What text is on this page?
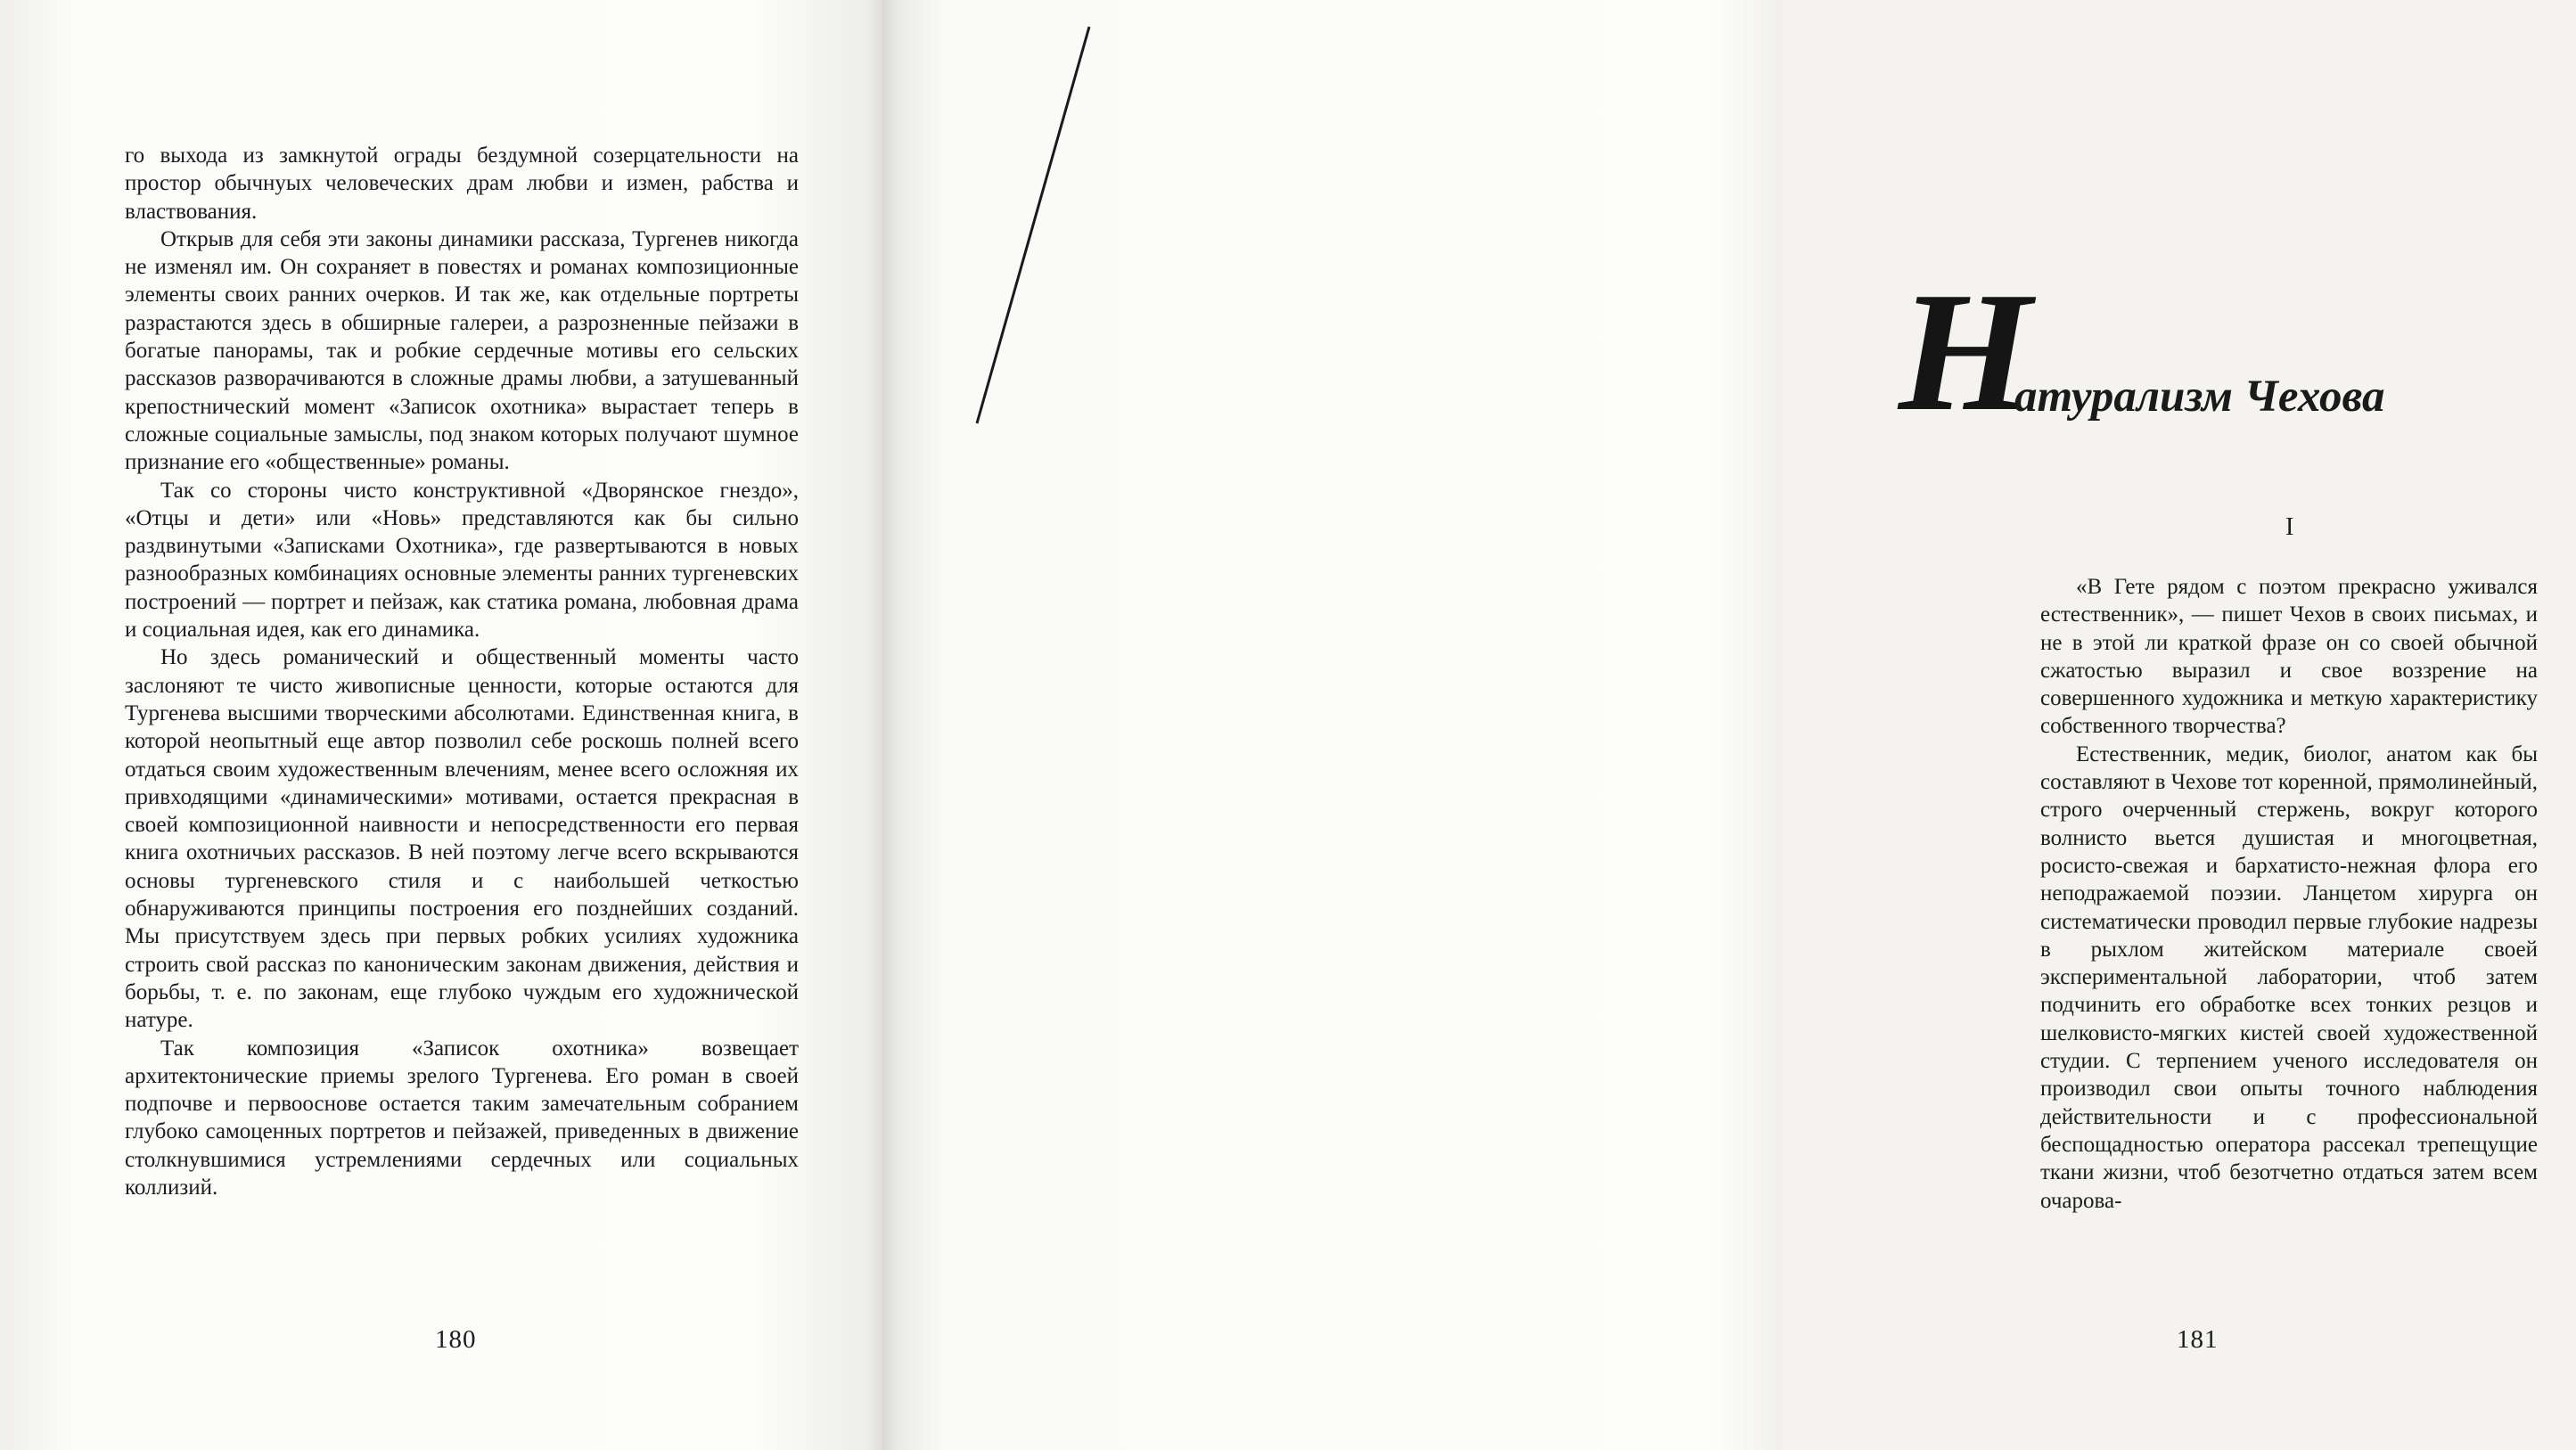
го выхода из замкнутой ограды бездумной созерцательности на простор обычнуых человеческих драм любви и измен, рабства и властвования.

Открыв для себя эти законы динамики рассказа, Тургенев никогда не изменял им. Он сохраняет в повестях и романах композиционные элементы своих ранних очерков. И так же, как отдельные портреты разрастаются здесь в обширные галереи, а разрозненные пейзажи в богатые панорамы, так и робкие сердечные мотивы его сельских рассказов разворачиваются в сложные драмы любви, а затушеванный крепостнический момент «Записок охотника» вырастает теперь в сложные социальные замыслы, под знаком которых получают шумное признание его «общественные» романы.

Так со стороны чисто конструктивной «Дворянское гнездо», «Отцы и дети» или «Новь» представляются как бы сильно раздвинутыми «Записками Охотника», где развертываются в новых разнообразных комбинациях основные элементы ранних тургеневских построений — портрет и пейзаж, как статика романа, любовная драма и социальная идея, как его динамика.

Но здесь романический и общественный моменты часто заслоняют те чисто живописные ценности, которые остаются для Тургенева высшими творческими абсолютами. Единственная книга, в которой неопытный еще автор позволил себе роскошь полней всего отдаться своим художественным влечениям, менее всего осложняя их привходящими «динамическими» мотивами, остается прекрасная в своей композиционной наивности и непосредственности его первая книга охотничьих рассказов. В ней поэтому легче всего вскрываются основы тургеневского стиля и с наибольшей четкостью обнаруживаются принципы построения его позднейших созданий. Мы присутствуем здесь при первых робких усилиях художника строить свой рассказ по каноническим законам движения, действия и борьбы, т. е. по законам, еще глубоко чуждым его художнической натуре.

Так композиция «Записок охотника» возвещает архитектонические приемы зрелого Тургенева. Его роман в своей подпочве и первооснове остается таким замечательным собранием глубоко самоценных портретов и пейзажей, приведенных в движение столкнувшимися устремлениями сердечных или социальных коллизий.

180
Н
атурализм Чехова
I

«В Гете рядом с поэтом прекрасно уживался естественник», — пишет Чехов в своих письмах, и не в этой ли краткой фразе он со своей обычной сжатостью выразил и свое воззрение на совершенного художника и меткую характеристику собственного творчества?

Естественник, медик, биолог, анатом как бы составляют в Чехове тот коренной, прямолинейный, строго очерченный стержень, вокруг которого волнисто вьется душистая и многоцветная, росисто-свежая и бархатисто-нежная флора его неподражаемой поэзии. Ланцетом хирурга он систематически проводил первые глубокие надрезы в рыхлом житейском материале своей экспериментальной лаборатории, чтоб затем подчинить его обработке всех тонких резцов и шелковисто-мягких кистей своей художественной студии. С терпением ученого исследователя он производил свои опыты точного наблюдения действительности и с профессиональной беспощадностью оператора рассекал трепещущие ткани жизни, чтоб безотчетно отдаться затем всем очарова-

181
